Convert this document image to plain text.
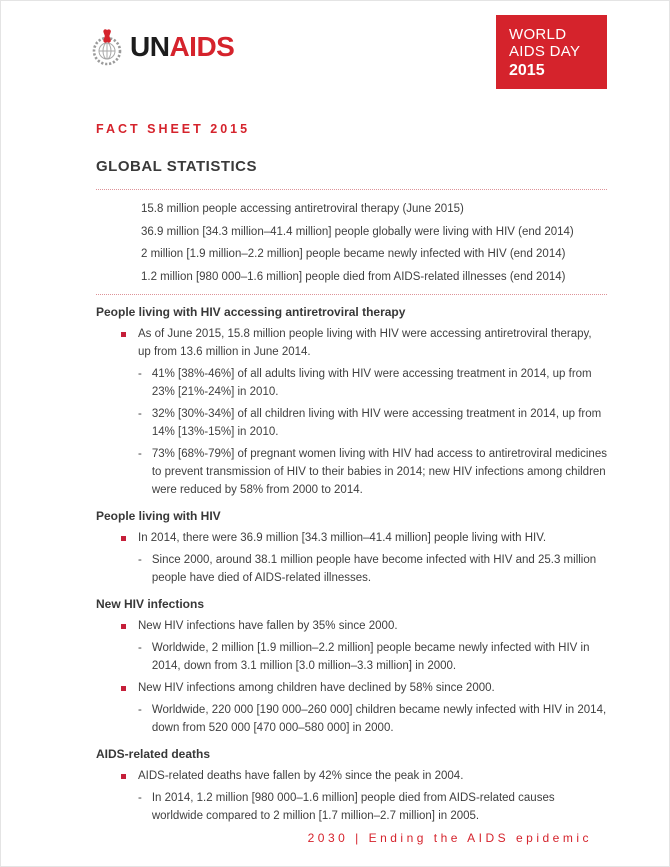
UNAIDS	WORLD
AIDS DAY
2015
FACT SHEET 2015
GLOBAL STATISTICS
15.8 million people accessing antiretroviral therapy (June 2015)
36.9 million [34.3 million–41.4 million] people globally were living with HIV (end 2014)
2 million [1.9 million–2.2 million] people became newly infected with HIV (end 2014)
1.2 million [980 000–1.6 million] people died from AIDS-related illnesses (end 2014)
People living with HIV accessing antiretroviral therapy
As of June 2015, 15.8 million people living with HIV were accessing antiretroviral therapy, up from 13.6 million in June 2014.
- 41% [38%-46%] of all adults living with HIV were accessing treatment in 2014, up from 23% [21%-24%] in 2010.
- 32% [30%-34%] of all children living with HIV were accessing treatment in 2014, up from 14% [13%-15%] in 2010.
- 73% [68%-79%] of pregnant women living with HIV had access to antiretroviral medicines to prevent transmission of HIV to their babies in 2014; new HIV infections among children were reduced by 58% from 2000 to 2014.
People living with HIV
In 2014, there were 36.9 million [34.3 million–41.4 million] people living with HIV.
- Since 2000, around 38.1 million people have become infected with HIV and 25.3 million people have died of AIDS-related illnesses.
New HIV infections
New HIV infections have fallen by 35% since 2000.
- Worldwide, 2 million [1.9 million–2.2 million] people became newly infected with HIV in 2014, down from 3.1 million [3.0 million–3.3 million] in 2000.
New HIV infections among children have declined by 58% since 2000.
- Worldwide, 220 000 [190 000–260 000] children became newly infected with HIV in 2014, down from 520 000 [470 000–580 000] in 2000.
AIDS-related deaths
AIDS-related deaths have fallen by 42% since the peak in 2004.
- In 2014, 1.2 million [980 000–1.6 million] people died from AIDS-related causes worldwide compared to 2 million [1.7 million–2.7 million] in 2005.
2030 | Ending the AIDS epidemic
